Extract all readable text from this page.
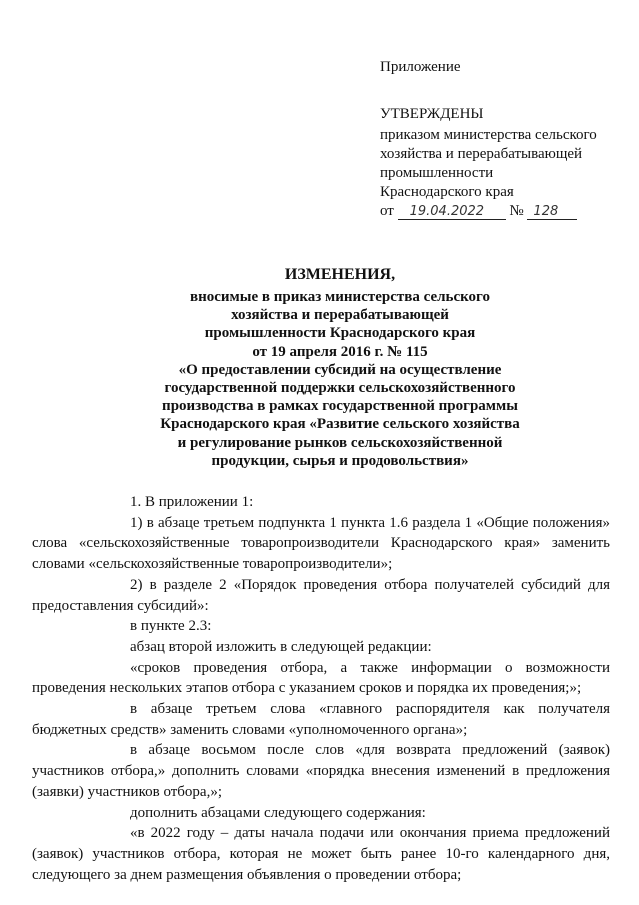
Приложение
УТВЕРЖДЕНЫ
приказом министерства сельского
хозяйства и перерабатывающей
промышленности
Краснодарского края
от 19.04.2022 № 128
ИЗМЕНЕНИЯ,
вносимые в приказ министерства сельского
хозяйства и перерабатывающей
промышленности Краснодарского края
от 19 апреля 2016 г. № 115
«О предоставлении субсидий на осуществление
государственной поддержки сельскохозяйственного
производства в рамках государственной программы
Краснодарского края «Развитие сельского хозяйства
и регулирование рынков сельскохозяйственной
продукции, сырья и продовольствия»

1. В приложении 1:

1) в абзаце третьем подпункта 1 пункта 1.6 раздела 1 «Общие положения» слова «сельскохозяйственные товаропроизводители Краснодарского края» заменить словами «сельскохозяйственные товаропроизводители»;

2) в разделе 2 «Порядок проведения отбора получателей субсидий для предоставления субсидий»:

в пункте 2.3:

абзац второй изложить в следующей редакции:

«сроков проведения отбора, а также информации о возможности проведения нескольких этапов отбора с указанием сроков и порядка их проведения;»;

в абзаце третьем слова «главного распорядителя как получателя бюджетных средств» заменить словами «уполномоченного органа»;

в абзаце восьмом после слов «для возврата предложений (заявок) участников отбора,» дополнить словами «порядка внесения изменений в предложения (заявки) участников отбора,»;

дополнить абзацами следующего содержания:

«в 2022 году – даты начала подачи или окончания приема предложений (заявок) участников отбора, которая не может быть ранее 10-го календарного дня, следующего за днем размещения объявления о проведении отбора;
